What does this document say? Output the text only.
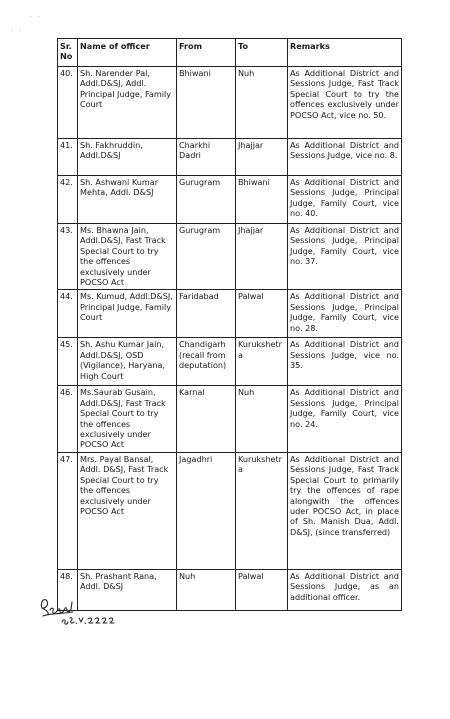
· ·
· ·
Sr. No	Name of officer	From	To	Remarks
40.	Sh. Narender Pal, Addl.D&SJ, Addl. Principal Judge, Family Court	Bhiwani	Nuh	As Additional District and Sessions Judge, Fast Track Special Court to try the offences exclusively under POCSO Act, vice no. 50.
41.	Sh. Fakhruddin, Addl.D&SJ	Charkhi Dadri	Jhajjar	As Additional District and Sessions Judge, vice no. 8.
42.	Sh. Ashwani Kumar Mehta, Addl. D&SJ	Gurugram	Bhiwani	As Additional District and Sessions Judge, Principal Judge, Family Court, vice no. 40.
43.	Ms. Bhawna Jain, Addl.D&SJ, Fast Track Special Court to try the offences exclusively under POCSO Act	Gurugram	Jhajjar	As Additional District and Sessions Judge, Principal Judge, Family Court, vice no. 37.
44.	Ms. Kumud, Addl.D&SJ, Principal Judge, Family Court	Faridabad	Palwal	As Additional District and Sessions Judge, Principal Judge, Family Court, vice no. 28.
45.	Sh. Ashu Kumar Jain, Addl.D&SJ, OSD (Vigilance), Haryana, High Court	Chandigarh (recall from deputation)	Kurukshetra	As Additional District and Sessions Judge, vice no. 35.
46.	Ms.Saurab Gusain, Addl.D&SJ, Fast Track Special Court to try the offences exclusively under POCSO Act	Karnal	Nuh	As Additional District and Sessions Judge, Principal Judge, Family Court, vice no. 24.
47.	Mrs. Payal Bansal, Addl. D&SJ, Fast Track Special Court to try the offences exclusively under POCSO Act	Jagadhri	Kurukshetra	As Additional District and Sessions Judge, Fast Track Special Court to primarily try the offences of rape alongwith the offences uder POCSO Act, in place of Sh. Manish Dua, Addl. D&SJ, (since transferred)
48.	Sh. Prashant Rana, Addl. D&SJ	Nuh	Palwal	As Additional District and Sessions Judge, as an additional officer.
